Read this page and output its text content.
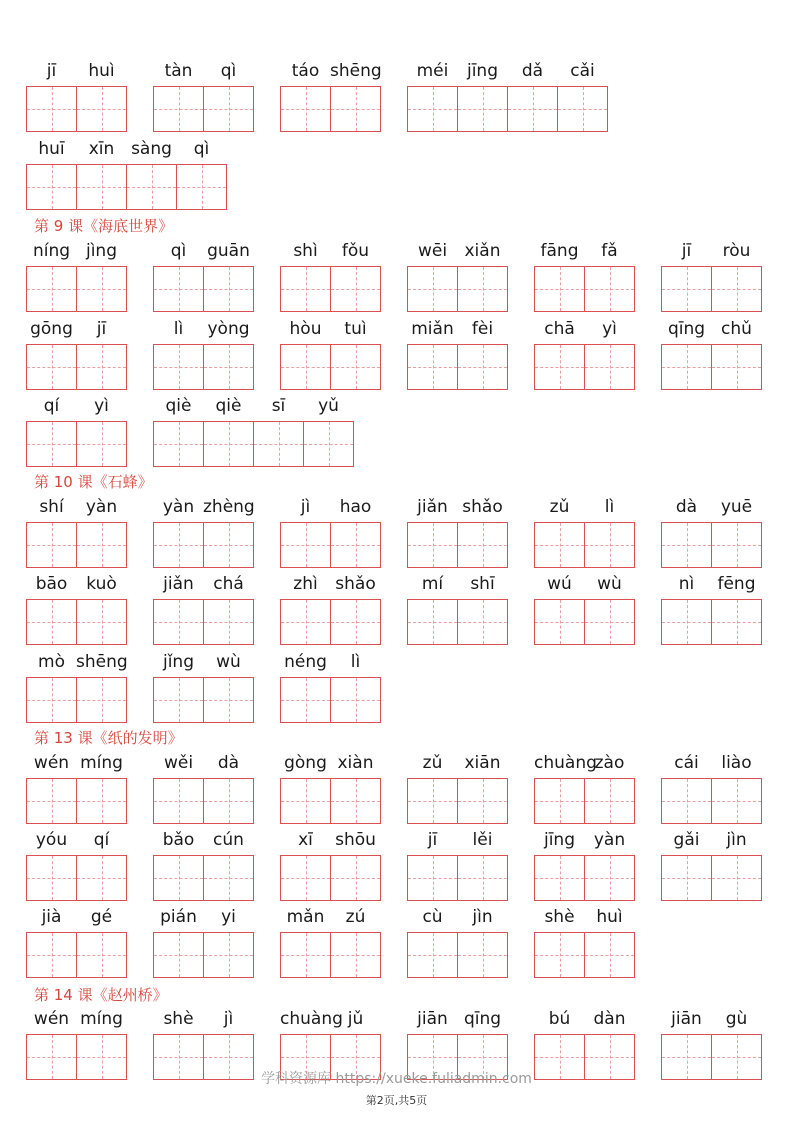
jī	huì	tàn	qì	táo shēng	méi	jīng	dǎ	cǎi
huī	xīn sàng	qì
第 9 课《海底世界》
níng jìng	qì	guān	shì	fǒu	wēi	xiǎn	fāng	fǎ	jī	ròu
gōng	jī	lì	yòng	hòu	tuì	miǎn	fèi	chā	yì	qīng chǔ
qí	yì	qiè	qiè	sī	yǔ
第 10 课《石蜂》
shí	yàn	yàn zhèng	jì	hao	jiǎn shǎo	zǔ	lì	dà	yuē
bāo	kuò	jiǎn	chá	zhì	shǎo	mí	shī	wú	wù	nì	fēng
mò shēng	jǐng	wù	néng	lì
第 13 课《纸的发明》
wén míng	wěi	dà	gòng xiàn	zǔ	xiān	chuàng
zào	cái	liào
yóu	qí	bǎo	cún	xī	shōu	jī	lěi	jīng	yàn	gǎi	jìn
jià	gé	pián	yi	mǎn	zú	cù	jìn	shè	huì
第 14 课《赵州桥》
wén míng	shè	jì	chuàng jǔ	jiān qīng	bú	dàn	jiān	gù
学科资源库 https://xueke.fuliadmin.com
第2页,共5页
